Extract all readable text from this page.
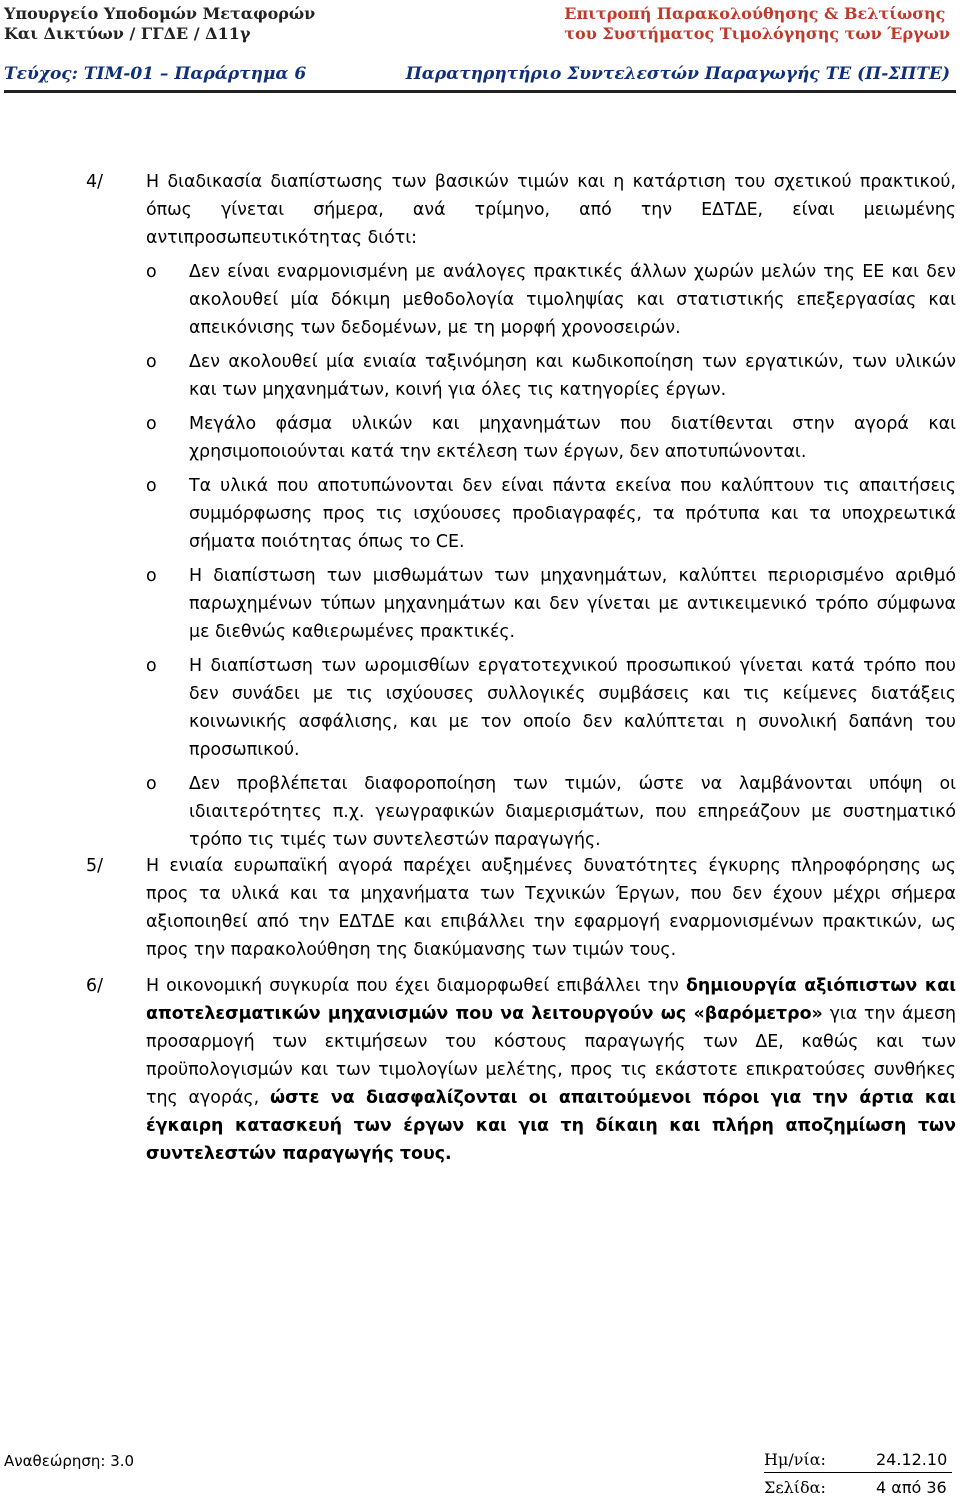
Υπουργείο Υποδομών Μεταφορών
Και Δικτύων / ΓΓΔΕ / Δ11γ
Επιτροπή Παρακολούθησης & Βελτίωσης
του Συστήματος Τιμολόγησης των Έργων
Τεύχος: ΤΙΜ-01 – Παράρτημα 6	Παρατηρητήριο Συντελεστών Παραγωγής ΤΕ (Π-ΣΠΤΕ)
4/ Η διαδικασία διαπίστωσης των βασικών τιμών και η κατάρτιση του σχετικού πρακτικού, όπως γίνεται σήμερα, ανά τρίμηνο, από την ΕΔΤΔΕ, είναι μειωμένης αντιπροσωπευτικότητας διότι:
o Δεν είναι εναρμονισμένη με ανάλογες πρακτικές άλλων χωρών μελών της ΕΕ και δεν ακολουθεί μία δόκιμη μεθοδολογία τιμοληψίας και στατιστικής επεξεργασίας και απεικόνισης των δεδομένων, με τη μορφή χρονοσειρών.
o Δεν ακολουθεί μία ενιαία ταξινόμηση και κωδικοποίηση των εργατικών, των υλικών και των μηχανημάτων, κοινή για όλες τις κατηγορίες έργων.
o Μεγάλο φάσμα υλικών και μηχανημάτων που διατίθενται στην αγορά και χρησιμοποιούνται κατά την εκτέλεση των έργων, δεν αποτυπώνονται.
o Τα υλικά που αποτυπώνονται δεν είναι πάντα εκείνα που καλύπτουν τις απαιτήσεις συμμόρφωσης προς τις ισχύουσες προδιαγραφές, τα πρότυπα και τα υποχρεωτικά σήματα ποιότητας όπως το CE.
o Η διαπίστωση των μισθωμάτων των μηχανημάτων, καλύπτει περιορισμένο αριθμό παρωχημένων τύπων μηχανημάτων και δεν γίνεται με αντικειμενικό τρόπο σύμφωνα με διεθνώς καθιερωμένες πρακτικές.
o Η διαπίστωση των ωρομισθίων εργατοτεχνικού προσωπικού γίνεται κατά τρόπο που δεν συνάδει με τις ισχύουσες συλλογικές συμβάσεις και τις κείμενες διατάξεις κοινωνικής ασφάλισης, και με τον οποίο δεν καλύπτεται η συνολική δαπάνη του προσωπικού.
o Δεν προβλέπεται διαφοροποίηση των τιμών, ώστε να λαμβάνονται υπόψη οι ιδιαιτερότητες π.χ. γεωγραφικών διαμερισμάτων, που επηρεάζουν με συστηματικό τρόπο τις τιμές των συντελεστών παραγωγής.
5/ Η ενιαία ευρωπαϊκή αγορά παρέχει αυξημένες δυνατότητες έγκυρης πληροφόρησης ως προς τα υλικά και τα μηχανήματα των Τεχνικών Έργων, που δεν έχουν μέχρι σήμερα αξιοποιηθεί από την ΕΔΤΔΕ και επιβάλλει την εφαρμογή εναρμονισμένων πρακτικών, ως προς την παρακολούθηση της διακύμανσης των τιμών τους.
6/ Η οικονομική συγκυρία που έχει διαμορφωθεί επιβάλλει την δημιουργία αξιόπιστων και αποτελεσματικών μηχανισμών που να λειτουργούν ως «βαρόμετρο» για την άμεση προσαρμογή των εκτιμήσεων του κόστους παραγωγής των ΔΕ, καθώς και των προϋπολογισμών και των τιμολογίων μελέτης, προς τις εκάστοτε επικρατούσες συνθήκες της αγοράς, ώστε να διασφαλίζονται οι απαιτούμενοι πόροι για την άρτια και έγκαιρη κατασκευή των έργων και για τη δίκαιη και πλήρη αποζημίωση των συντελεστών παραγωγής τους.
Αναθεώρηση: 3.0	Ημ/νία:	24.12.10
Σελίδα:	4 από 36
